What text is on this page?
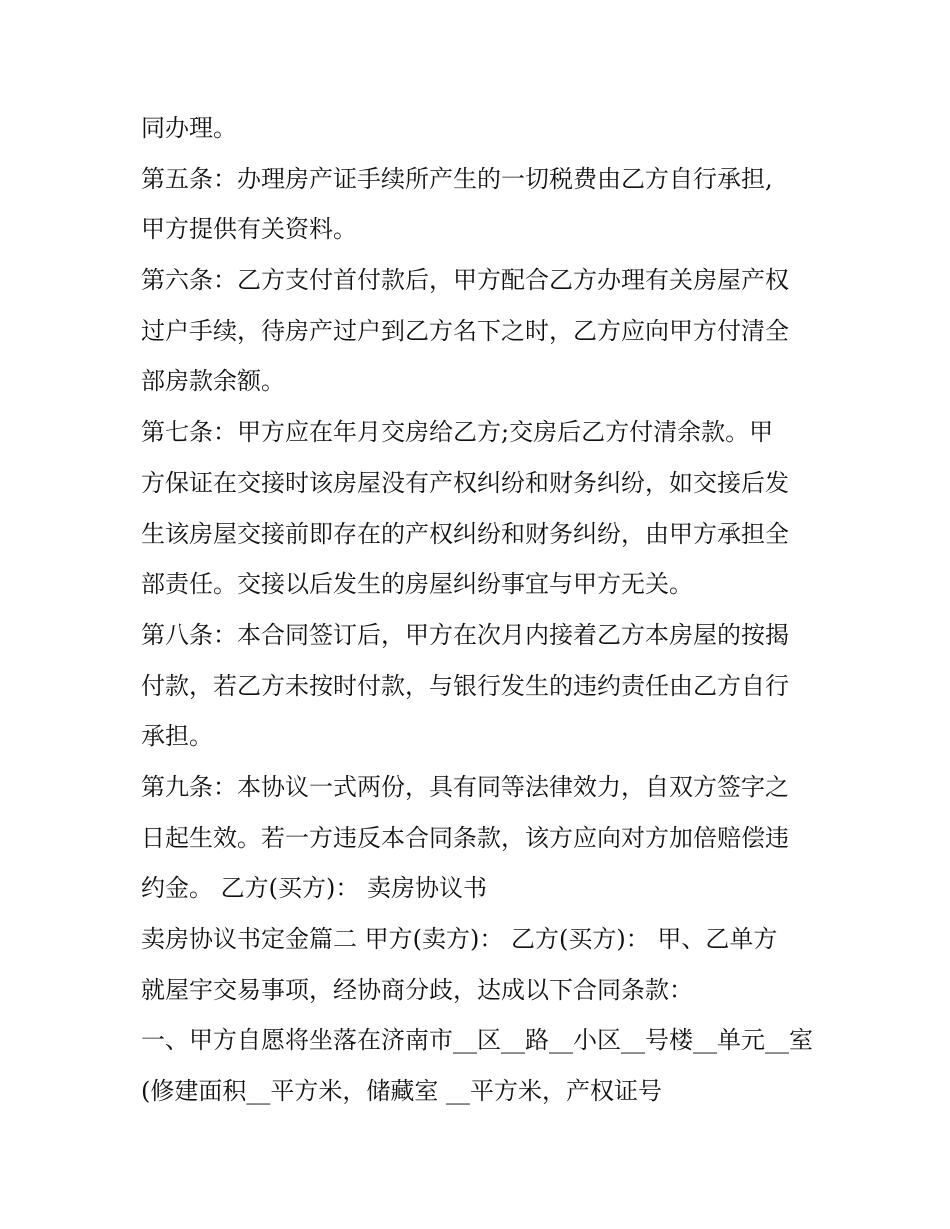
同办理。
第五条：办理房产证手续所产生的一切税费由乙方自行承担,
甲方提供有关资料。
第六条：乙方支付首付款后，甲方配合乙方办理有关房屋产权
过户手续，待房产过户到乙方名下之时，乙方应向甲方付清全
部房款余额。
第七条：甲方应在年月交房给乙方;交房后乙方付清余款。甲
方保证在交接时该房屋没有产权纠纷和财务纠纷，如交接后发
生该房屋交接前即存在的产权纠纷和财务纠纷，由甲方承担全
部责任。交接以后发生的房屋纠纷事宜与甲方无关。
第八条：本合同签订后，甲方在次月内接着乙方本房屋的按揭
付款，若乙方未按时付款，与银行发生的违约责任由乙方自行
承担。
第九条：本协议一式两份，具有同等法律效力，自双方签字之
日起生效。若一方违反本合同条款，该方应向对方加倍赔偿违
约金。 乙方(买方)： 卖房协议书
卖房协议书定金篇二 甲方(卖方)： 乙方(买方)： 甲、乙单方
就屋宇交易事项，经协商分歧，达成以下合同条款：
一、甲方自愿将坐落在济南市__区__路__小区__号楼__单元__室
(修建面积__平方米，储藏室 __平方米，产权证号
